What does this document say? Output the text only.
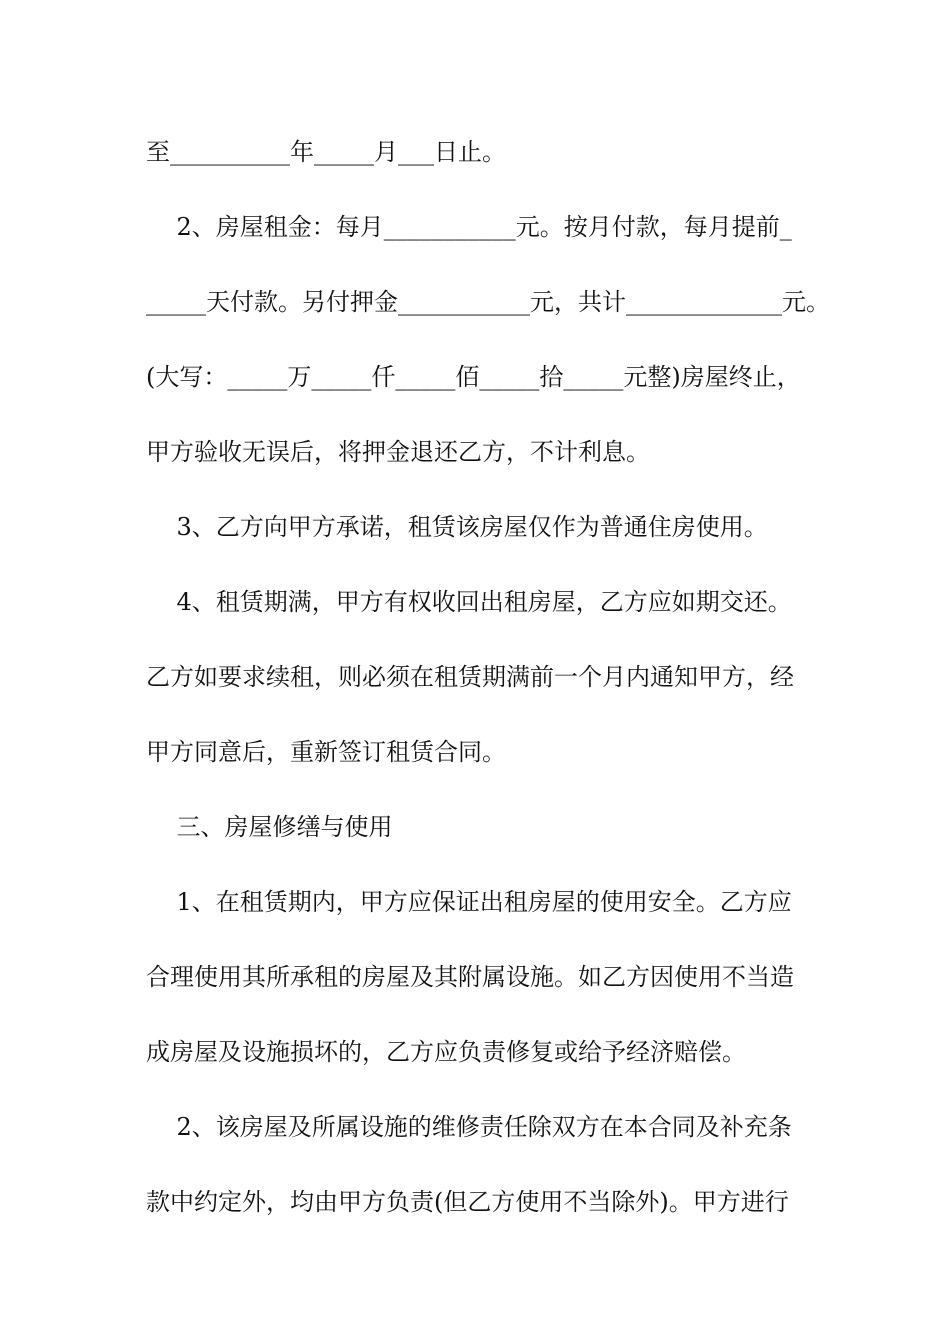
至__________年_____月___日止。

2、房屋租金：每月___________元。按月付款，每月提前_

_____天付款。另付押金___________元，共计_____________元。

(大写：_____万_____仟_____佰_____拾_____元整)房屋终止，

甲方验收无误后，将押金退还乙方，不计利息。

3、乙方向甲方承诺，租赁该房屋仅作为普通住房使用。

4、租赁期满，甲方有权收回出租房屋，乙方应如期交还。

乙方如要求续租，则必须在租赁期满前一个月内通知甲方，经

甲方同意后，重新签订租赁合同。

三、房屋修缮与使用

1、在租赁期内，甲方应保证出租房屋的使用安全。乙方应

合理使用其所承租的房屋及其附属设施。如乙方因使用不当造

成房屋及设施损坏的，乙方应负责修复或给予经济赔偿。

2、该房屋及所属设施的维修责任除双方在本合同及补充条

款中约定外，均由甲方负责(但乙方使用不当除外)。甲方进行
